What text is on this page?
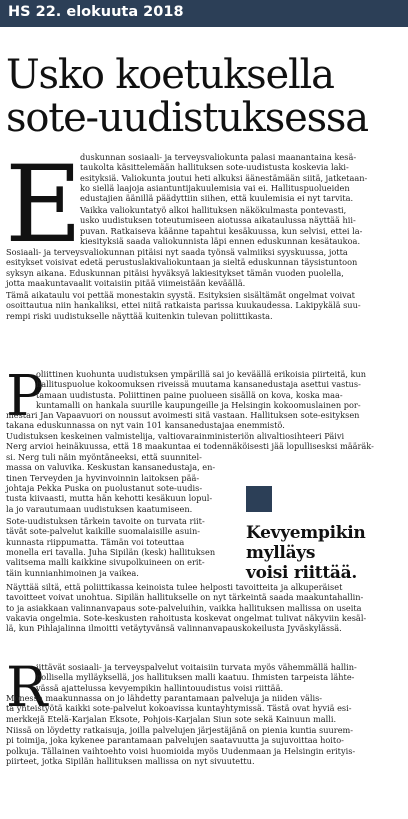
HS 22. elokuuta 2018
Usko koetuksella
sote-uudistuksessa
E
P
R

Kevyempikin
mylläys
voisi riittää.

duskunnan sosiaali- ja terveysvaliokunta palasi maanantaina kesä-
taukolta käsittelemään hallituksen sote-uudistusta koskevia laki-
esityksiä. Valiokunta joutui heti alkuksi äänestämään siitä, jatketaan-
ko siellä laajoja asiantuntijakuulemisia vai ei. Hallituspuolueiden
edustajien äänillä päädyttiin siihen, että kuulemisia ei nyt tarvita.
Vaikka valiokuntatyö alkoi hallituksen näkökulmasta pontevasti,
usko uudistuksen toteutumiseen aiotussa aikataulussa näyttää hii-
puvan. Ratkaiseva käänne tapahtui kesäkuussa, kun selvisi, ettei la-
kiesityksiä saada valiokunnista läpi ennen eduskunnan kesätaukoa.
Sosiaali- ja terveysvaliokunnan pitäisi nyt saada työnsä valmiiksi syyskuussa, jotta
esitykset voisivat edetä perustuslakivaliokuntaan ja sieltä eduskunnan täysistuntoon
syksyn aikana. Eduskunnan pitäisi hyväksyä lakiesitykset tämän vuoden puolella,
jotta maakuntavaalit voitaisiin pitää viimeistään keväällä.
Tämä aikataulu voi pettää monestakin syystä. Esityksien sisältämät ongelmat voivat
osoittautua niin hankaliksi, ettei niitä ratkaista parissa kuukaudessa. Lakipykälä suu-
rempi riski uudistukselle näyttää kuitenkin tulevan poliittikasta.
oliittinen kuohunta uudistuksen ympärillä sai jo keväällä erikoisia piirteitä, kun
hallituspuolue kokoomuksen riveissä muutama kansanedustaja asettui vastus-
tamaan uudistusta. Poliittinen paine puolueen sisällä on kova, koska maa-
kuntamalli on hankala suurille kaupungeille ja Helsingin kokoomuslainen por-
mestari Jan Vapaavuori on noussut avoimesti sitä vastaan. Hallituksen sote-esityksen
takana eduskunnassa on nyt vain 101 kansanedustajaa enemmistö.
Uudistuksen keskeinen valmistelija, valtiovarainministeriön alivaltiosihteeri Päivi
Nerg arvioi heinäkuussa, että 18 maakuntaa ei todennäköisesti jää lopullisesksi määräk-
si. Nerg tuli näin myöntäneeksi, että suunnitel-
massa on valuvika. Keskustan kansanedustaja, en-
tinen Terveyden ja hyvinvoinnin laitoksen pää-
johtaja Pekka Puska on puolustanut sote-uudis-
tusta kiivaasti, mutta hän kehotti kesäkuun lopul-
la jo varautumaan uudistuksen kaatumiseen.
Sote-uudistuksen tärkein tavoite on turvata riit-
tävät sote-palvelut kaikille suomalaisille asuin-
kunnasta riippumatta. Tämän voi toteuttaa
monella eri tavalla. Juha Sipilän (kesk) hallituksen
valitsema malli kaikkine sivupolkuineen on erit-
täin kunnianhimoinen ja vaikea.
Näyttää siltä, että poliittikassa keinoista tulee helposti tavoitteita ja alkuperäiset
tavoitteet voivat unohtua. Sipilän hallitukselle on nyt tärkeintä saada maakuntahallin-
to ja asiakkaan valinnanvapaus sote-palveluihin, vaikka hallituksen mallissa on useita
vakavia ongelmia. Sote-keskusten rahoitusta koskevat ongelmat tulivat näkyviin kesäl-
lä, kun Pihlajalinna ilmoitti vetäytyvänsä valinnanvapauskokeilusta Jyväskylässä.
iittävät sosiaali- ja terveyspalvelut voitaisiin turvata myös vähemmällä hallin-
nollisella mylläyksellä, jos hallituksen malli kaatuu. Ihmisten tarpeista lähte-
vässä ajattelussa kevyempikin hallintouudistus voisi riittää.
Monessa maakunnassa on jo lähdetty parantamaan palveluja ja niiden välis-
tä yhteistyötä kaikki sote-palvelut kokoavissa kuntayhtymissä. Tästä ovat hyviä esi-
merkkejä Etelä-Karjalan Eksote, Pohjois-Karjalan Siun sote sekä Kainuun malli.
Niissä on löydetty ratkaisuja, joilla palvelujen järjestäjänä on pienia kuntia suurem-
pi toimija, joka kykenee parantamaan palvelujen saatavuutta ja sujuvoittaa hoito-
polkuja. Tällainen vaihtoehto voisi huomioida myös Uudenmaan ja Helsingin erityis-
piirteet, jotka Sipilän hallituksen mallissa on nyt sivuutettu.
